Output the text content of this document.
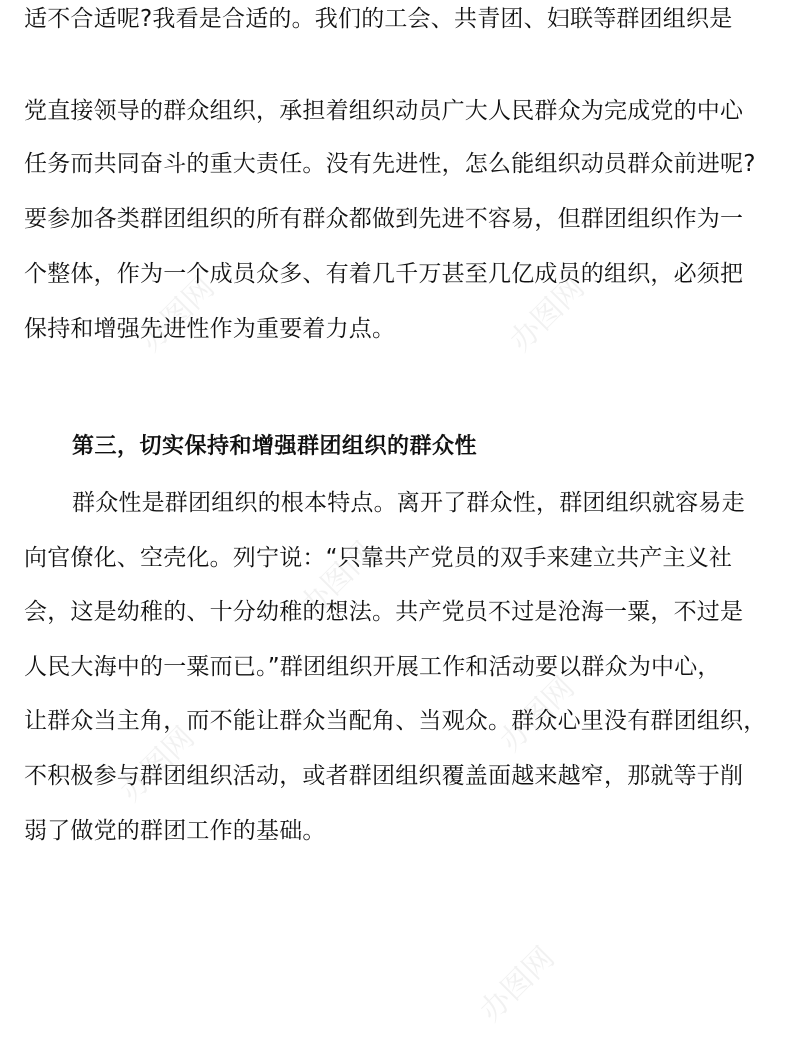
办图网	办图网
办图网
办图网
办图网
办图网
适不合适呢?我看是合适的。我们的工会、共青团、妇联等群团组织是
党直接领导的群众组织，承担着组织动员广大人民群众为完成党的中心
任务而共同奋斗的重大责任。没有先进性，怎么能组织动员群众前进呢?
要参加各类群团组织的所有群众都做到先进不容易，但群团组织作为一
个整体，作为一个成员众多、有着几千万甚至几亿成员的组织，必须把
保持和增强先进性作为重要着力点。
第三，切实保持和增强群团组织的群众性
群众性是群团组织的根本特点。离开了群众性，群团组织就容易走
向官僚化、空壳化。列宁说：“只靠共产党员的双手来建立共产主义社
会，这是幼稚的、十分幼稚的想法。共产党员不过是沧海一粟，不过是
人民大海中的一粟而已。”群团组织开展工作和活动要以群众为中心，
让群众当主角，而不能让群众当配角、当观众。群众心里没有群团组织，
不积极参与群团组织活动，或者群团组织覆盖面越来越窄，那就等于削
弱了做党的群团工作的基础。
